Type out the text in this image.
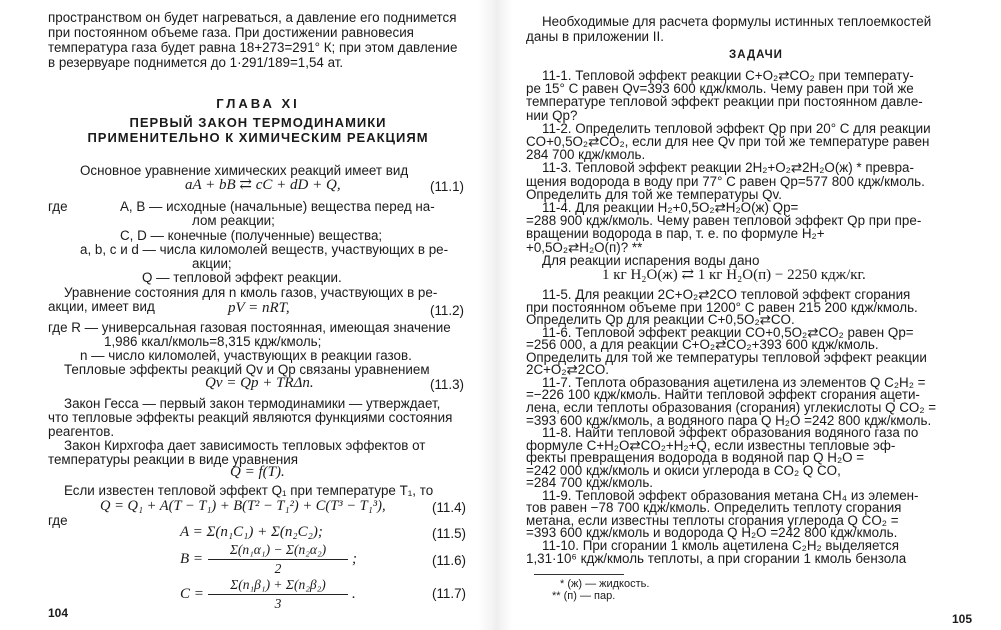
пространством он будет нагреваться, а давление его поднимется
при постоянном объеме газа. При достижении равновесия
температура газа будет равна 18+273=291° К; при этом давление
в резервуаре поднимется до 1·291/189=1,54 ат.
ГЛАВА XI
ПЕРВЫЙ ЗАКОН ТЕРМОДИНАМИКИ
ПРИМЕНИТЕЛЬНО К ХИМИЧЕСКИМ РЕАКЦИЯМ
Основное уравнение химических реакций имеет вид
aA + bB ⇄ cC + dD + Q,	(11.1)
где	A, B — исходные (начальные) вещества перед на-
лом реакции;
C, D — конечные (полученные) вещества;
a, b, c и d — числа киломолей веществ, участвующих в ре-
акции;
Q — тепловой эффект реакции.
Уравнение состояния для n кмоль газов, участвующих в ре-
акции, имеет вид	pV = nRT,	(11.2)
где R — универсальная газовая постоянная, имеющая значение
1,986 ккал/кмоль=8,315 кдж/кмоль;
n — число киломолей, участвующих в реакции газов.
Тепловые эффекты реакций Qv и Qp связаны уравнением
Qv = Qp + TRΔn.	(11.3)
Закон Гесса — первый закон термодинамики — утверждает,
что тепловые эффекты реакций являются функциями состояния
реагентов.
Закон Кирхгофа дает зависимость тепловых эффектов от
температуры реакции в виде уравнения
Q = f(T).
Если известен тепловой эффект Q₁ при температуре T₁, то
Q = Q₁ + A(T − T₁) + B(T² − T₁²) + C(T³ − T₁³),	(11.4)
где
A = Σ(n₁C₁) + Σ(n₂C₂);	(11.5)
$B = \frac{\text{Σ(n₁α₁) − Σ(n₂α₂)}}{2}$ ;	(11.6)
$C = \frac{\text{Σ(n₁β₁) + Σ(n₂β₂)}}{3}$ .	(11.7)
104
Необходимые для расчета формулы истинных теплоемкостей
даны в приложении II.
ЗАДАЧИ
11-1. Тепловой эффект реакции C+O₂⇄CO₂ при температу-
ре 15° C равен Qv=393 600 кдж/кмоль. Чему равен при той же
температуре тепловой эффект реакции при постоянном давле-
нии Qp?
11-2. Определить тепловой эффект Qp при 20° C для реакции
CO+0,5O₂⇄CO₂, если для нее Qv при той же температуре равен
284 700 кдж/кмоль.
11-3. Тепловой эффект реакции 2H₂+O₂⇄2H₂O(ж) * превра-
щения водорода в воду при 77° C равен Qp=577 800 кдж/кмоль.
Определить для той же температуры Qv.
11-4. Для реакции H₂+0,5O₂⇄H₂O(ж) Qp=
=288 900 кдж/кмоль. Чему равен тепловой эффект Qp при пре-
вращении водорода в пар, т. е. по формуле H₂+
+0,5O₂⇄H₂O(п)? **
Для реакции испарения воды дано
1 кг H₂O(ж) ⇄ 1 кг H₂O(п) − 2250 кдж/кг.
11-5. Для реакции 2C+O₂⇄2CO тепловой эффект сгорания
при постоянном объеме при 1200° C равен 215 200 кдж/кмоль.
Определить Qp для реакции C+0,5O₂⇄CO.
11-6. Тепловой эффект реакции CO+0,5O₂⇄CO₂ равен Qp=
=256 000, а для реакции C+O₂⇄CO₂+393 600 кдж/кмоль.
Определить для той же температуры тепловой эффект реакции
2C+O₂⇄2CO.
11-7. Теплота образования ацетилена из элементов Q C₂H₂ =
=−226 100 кдж/кмоль. Найти тепловой эффект сгорания ацети-
лена, если теплоты образования (сгорания) углекислоты Q CO₂ =
=393 600 кдж/кмоль, а водяного пара Q H₂O =242 800 кдж/кмоль.
11-8. Найти тепловой эффект образования водяного газа по
формуле C+H₂O⇄CO₂+H₂+Q, если известны тепловые эф-
фекты превращения водорода в водяной пар Q H₂O =
=242 000 кдж/кмоль и окиси углерода в CO₂ Q CO,
=284 700 кдж/кмоль.
11-9. Тепловой эффект образования метана CH₄ из элемен-
тов равен −78 700 кдж/кмоль. Определить теплоту сгорания
метана, если известны теплоты сгорания углерода Q CO₂ =
=393 600 кдж/кмоль и водорода Q H₂O =242 800 кдж/кмоль.
11-10. При сгорании 1 кмоль ацетилена C₂H₂ выделяется
1,31·10⁶ кдж/кмоль теплоты, а при сгорании 1 кмоль бензола
* (ж) — жидкость.
** (п) — пар.
105
